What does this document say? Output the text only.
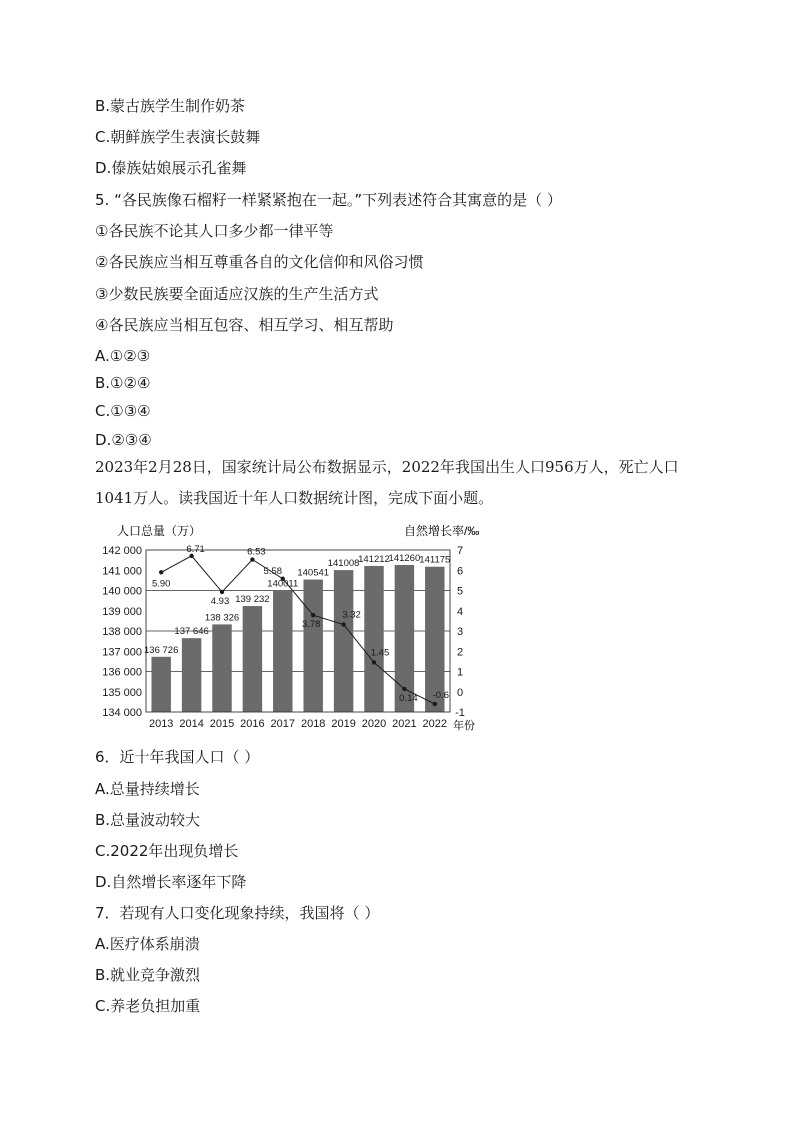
B.蒙古族学生制作奶茶
C.朝鲜族学生表演长鼓舞
D.傣族姑娘展示孔雀舞
5. “各民族像石榴籽一样紧紧抱在一起。”下列表述符合其寓意的是（ ）
①各民族不论其人口多少都一律平等
②各民族应当相互尊重各自的文化信仰和风俗习惯
③少数民族要全面适应汉族的生产生活方式
④各民族应当相互包容、相互学习、相互帮助
A.①②③
B.①②④
C.①③④
D.②③④
2023年2月28日，国家统计局公布数据显示，2022年我国出生人口956万人，死亡人口1041万人。读我国近十年人口数据统计图，完成下面小题。
人口总量（万）	自然增长率/‰
年份
134 000
135 000
136 000
137 000
138 000
139 000
140 000
141 000
142 000
-1
0
1
2
3
4
5
6
7
2013 2014 2015 2016 2017 2018 2019 2020 2021 2022
136 726
137 646
138 326
139 232
140011
140541
141008
141212
141260 141175
5.90
6.71
4.93
6.53
5.58
3.78
3.32
1.45
0.14 -0.6
6．近十年我国人口（ ）
A.总量持续增长
B.总量波动较大
C.2022年出现负增长
D.自然增长率逐年下降
7．若现有人口变化现象持续，我国将（ ）
A.医疗体系崩溃
B.就业竞争激烈
C.养老负担加重
